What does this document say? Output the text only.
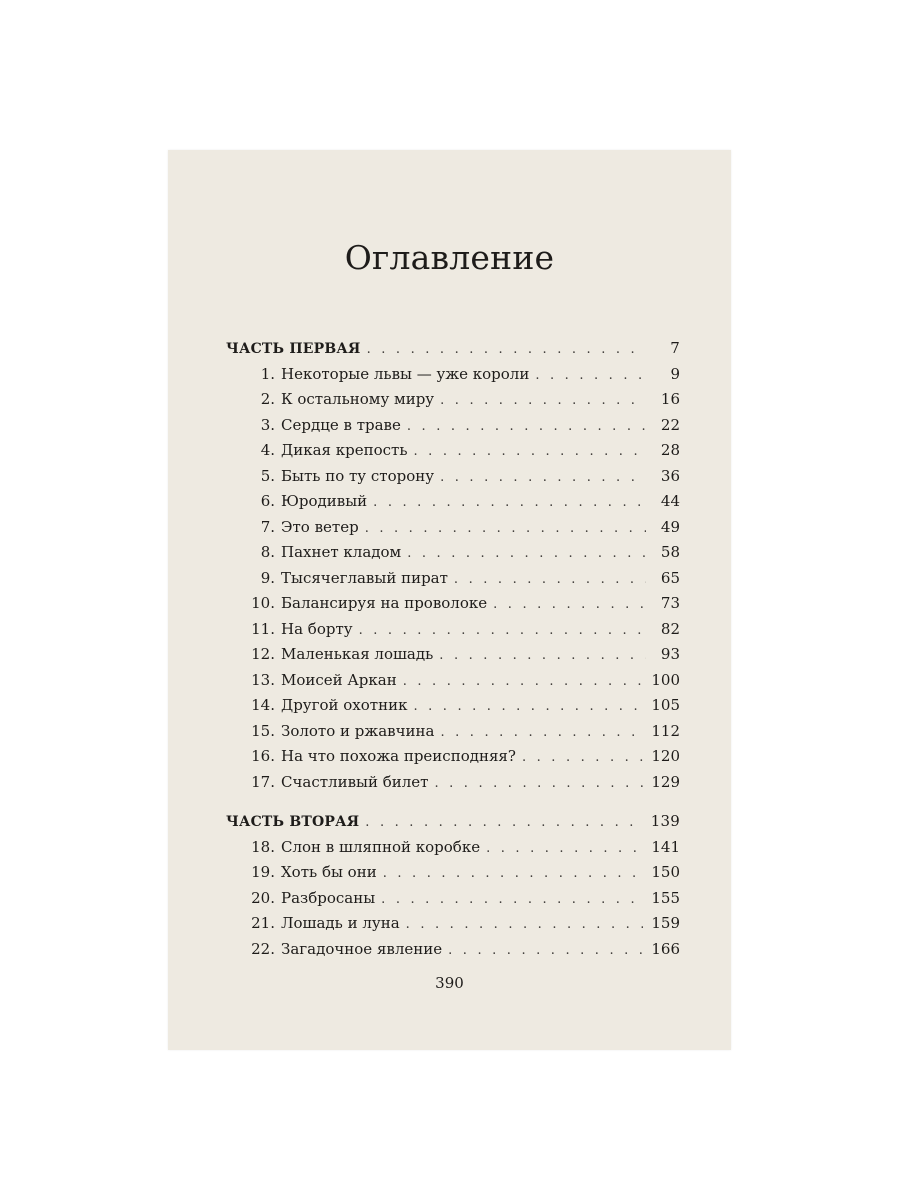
Оглавление
ЧАСТЬ ПЕРВАЯ . . .	7
1. Некоторые львы — уже короли . . .	9
2. К остальному миру . . .	16
3. Сердце в траве . . .	22
4. Дикая крепость . . .	28
5. Быть по ту сторону . . .	36
6. Юродивый . . .	44
7. Это ветер . . .	49
8. Пахнет кладом . . .	58
9. Тысячеглавый пират . . .	65
10. Балансируя на проволоке . . .	73
11. На борту . . .	82
12. Маленькая лошадь . . .	93
13. Моисей Аркан . . .	100
14. Другой охотник . . .	105
15. Золото и ржавчина . . .	112
16. На что похожа преисподняя? . . .	120
17. Счастливый билет . . .	129
ЧАСТЬ ВТОРАЯ . . .	139
18. Слон в шляпной коробке . . .	141
19. Хоть бы они . . .	150
20. Разбросаны . . .	155
21. Лошадь и луна . . .	159
22. Загадочное явление . . .	166
390
